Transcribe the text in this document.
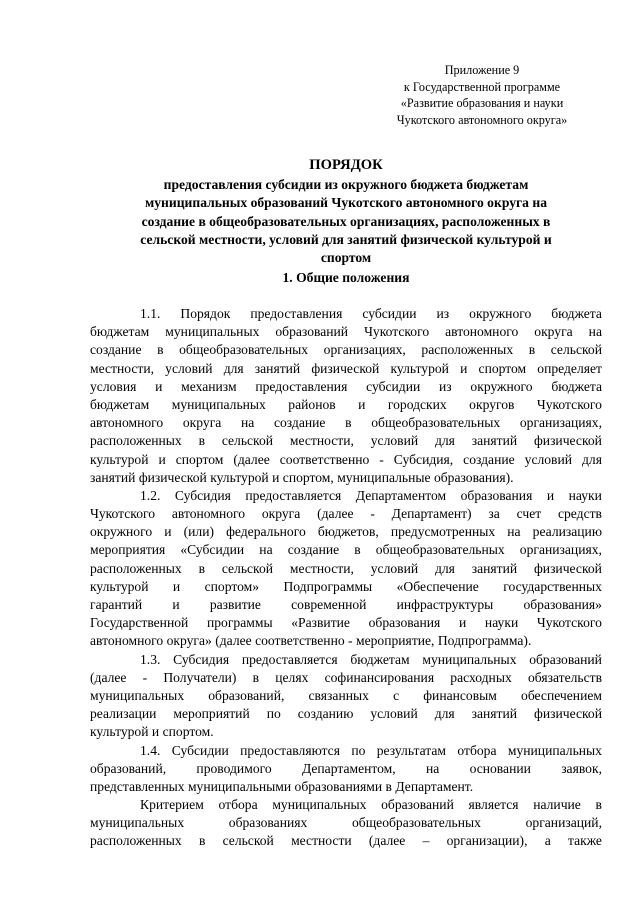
Приложение 9
к Государственной программе
«Развитие образования и науки
Чукотского автономного округа»
ПОРЯДОК
предоставления субсидии из окружного бюджета бюджетам
муниципальных образований Чукотского автономного округа на
создание в общеобразовательных организациях, расположенных в
сельской местности, условий для занятий физической культурой и
спортом
1. Общие положения
1.1. Порядок предоставления субсидии из окружного бюджета
бюджетам муниципальных образований Чукотского автономного округа на
создание в общеобразовательных организациях, расположенных в сельской
местности, условий для занятий физической культурой и спортом определяет
условия и механизм предоставления субсидии из окружного бюджета
бюджетам муниципальных районов и городских округов Чукотского
автономного округа на создание в общеобразовательных организациях,
расположенных в сельской местности, условий для занятий физической
культурой и спортом (далее соответственно - Субсидия, создание условий для
занятий физической культурой и спортом, муниципальные образования).
1.2. Субсидия предоставляется Департаментом образования и науки
Чукотского автономного округа (далее - Департамент) за счет средств
окружного и (или) федерального бюджетов, предусмотренных на реализацию
мероприятия «Субсидии на создание в общеобразовательных организациях,
расположенных в сельской местности, условий для занятий физической
культурой и спортом» Подпрограммы «Обеспечение государственных
гарантий и развитие современной инфраструктуры образования»
Государственной программы «Развитие образования и науки Чукотского
автономного округа» (далее соответственно - мероприятие, Подпрограмма).
1.3. Субсидия предоставляется бюджетам муниципальных образований
(далее - Получатели) в целях софинансирования расходных обязательств
муниципальных образований, связанных с финансовым обеспечением
реализации мероприятий по созданию условий для занятий физической
культурой и спортом.
1.4. Субсидии предоставляются по результатам отбора муниципальных
образований, проводимого Департаментом, на основании заявок,
представленных муниципальными образованиями в Департамент.
Критерием отбора муниципальных образований является наличие в
муниципальных	образованиях	общеобразовательных	организаций,
расположенных в сельской местности (далее – организации), а также
